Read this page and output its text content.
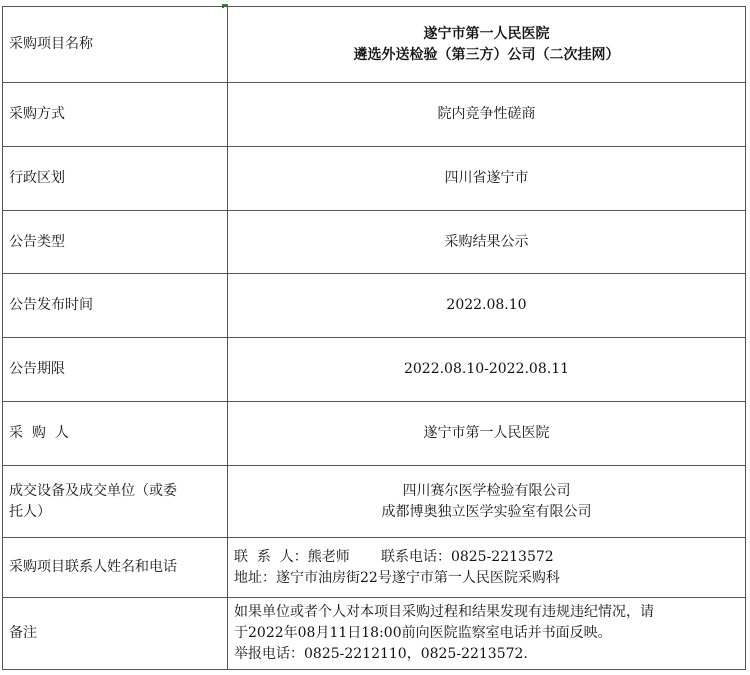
采购项目名称	遂宁市第一人民医院
遴选外送检验（第三方）公司（二次挂网）

采购方式	院内竞争性磋商
行政区划	四川省遂宁市
公告类型	采购结果公示
公告发布时间	2022.08.10
公告期限	2022.08.10-2022.08.11
采  购  人	遂宁市第一人民医院

成交设备及成交单位（或委
托人）	四川赛尔医学检验有限公司
成都博奥独立医学实验室有限公司

采购项目联系人姓名和电话	联  系  人：熊老师       联系电话：0825-2213572
地址：遂宁市油房街22号遂宁市第一人民医院采购科

备注	如果单位或者个人对本项目采购过程和结果发现有违规违纪情况，请
于2022年08月11日18:00前向医院监察室电话并书面反映。
举报电话：0825-2212110，0825-2213572.
